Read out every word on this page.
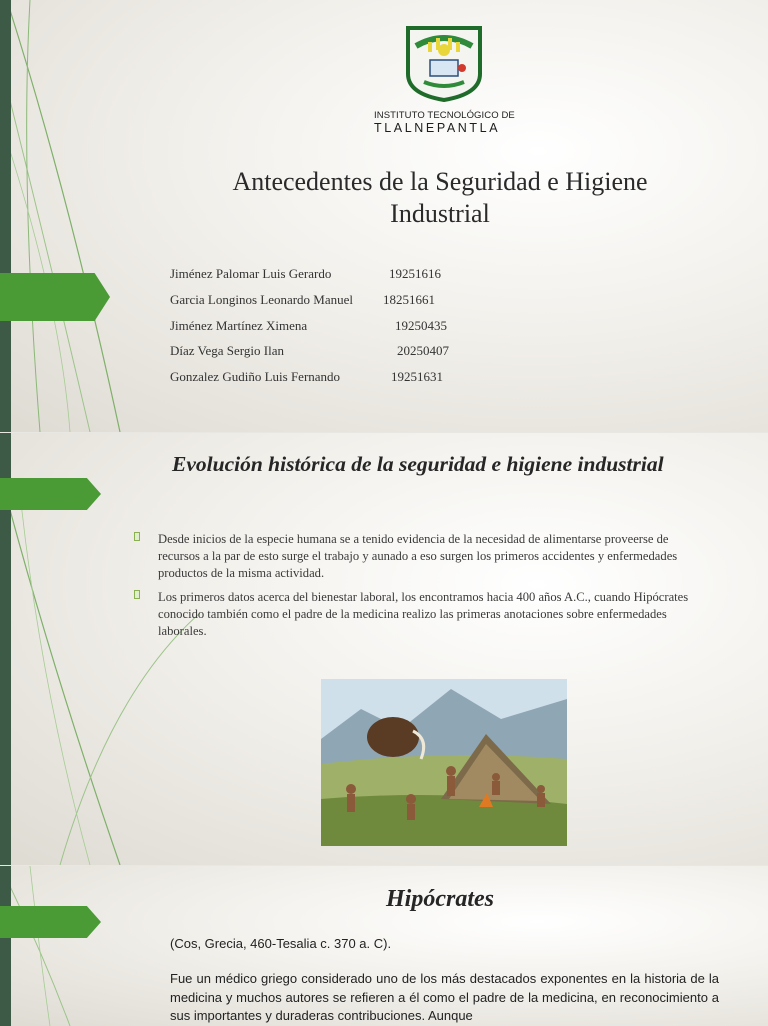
INSTITUTO TECNOLÓGICO DE
TLALNEPANTLA
Antecedentes de la Seguridad e Higiene
Industrial
Jiménez Palomar Luis Gerardo	19251616
Garcia Longinos Leonardo Manuel 18251661
Jiménez Martínez Ximena	19250435
Díaz Vega Sergio Ilan	20250407
Gonzalez Gudiño Luis Fernando	19251631
Evolución histórica de la seguridad e higiene industrial
Desde inicios de la especie humana se a tenido evidencia de la necesidad de alimentarse proveerse de recursos a la par de esto surge el trabajo y aunado a eso surgen los primeros accidentes y enfermedades productos de la misma actividad.
Los primeros datos acerca del bienestar laboral, los encontramos hacia 400 años A.C., cuando Hipócrates conocido también como el padre de la medicina realizo las primeras anotaciones sobre enfermedades laborales.
Hipócrates
(Cos, Grecia, 460-Tesalia c. 370 a. C).
Fue un médico griego considerado uno de los más destacados exponentes en la historia de la medicina y muchos autores se refieren a él como el padre de la medicina, en reconocimiento a sus importantes y duraderas contribuciones. Aunque
